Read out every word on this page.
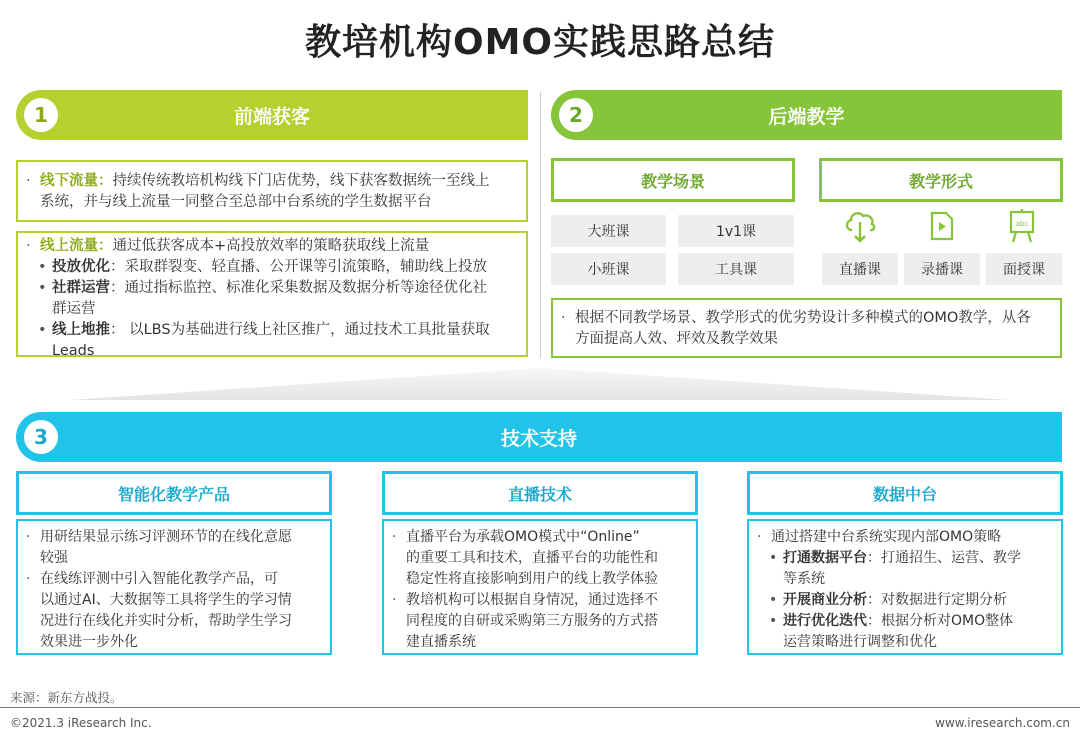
教培机构OMO实践思路总结
前端获客
1	后端教学
2
· 线下流量：持续传统教培机构线下门店优势，线下获客数据统一至线上
系统，并与线上流量一同整合至总部中台系统的学生数据平台
· 线上流量：通过低获客成本+高投放效率的策略获取线上流量
• 投放优化：采取群裂变、轻直播、公开课等引流策略，辅助线上投放
• 社群运营：通过指标监控、标准化采集数据及数据分析等途径优化社
群运营
• 线上地推： 以LBS为基础进行线上社区推广，通过技术工具批量获取
Leads
教学场景	教学形式
大班课	1v1课
小班课	工具课
abc
直播课	录播课	面授课
· 根据不同教学场景、教学形式的优劣势设计多种模式的OMO教学，从各
方面提高人效、坪效及教学效果
技术支持
3
智能化教学产品	直播技术	数据中台
· 用研结果显示练习评测环节的在线化意愿
较强
· 在线练评测中引入智能化教学产品，可
以通过AI、大数据等工具将学生的学习情
况进行在线化并实时分析，帮助学生学习
效果进一步外化
· 直播平台为承载OMO模式中“Online”
的重要工具和技术，直播平台的功能性和
稳定性将直接影响到用户的线上教学体验
· 教培机构可以根据自身情况，通过选择不
同程度的自研或采购第三方服务的方式搭
建直播系统
· 通过搭建中台系统实现内部OMO策略
• 打通数据平台：打通招生、运营、教学
等系统
• 开展商业分析：对数据进行定期分析
• 进行优化迭代：根据分析对OMO整体
运营策略进行调整和优化
来源：新东方战投。
©2021.3 iResearch Inc.	www.iresearch.com.cn
